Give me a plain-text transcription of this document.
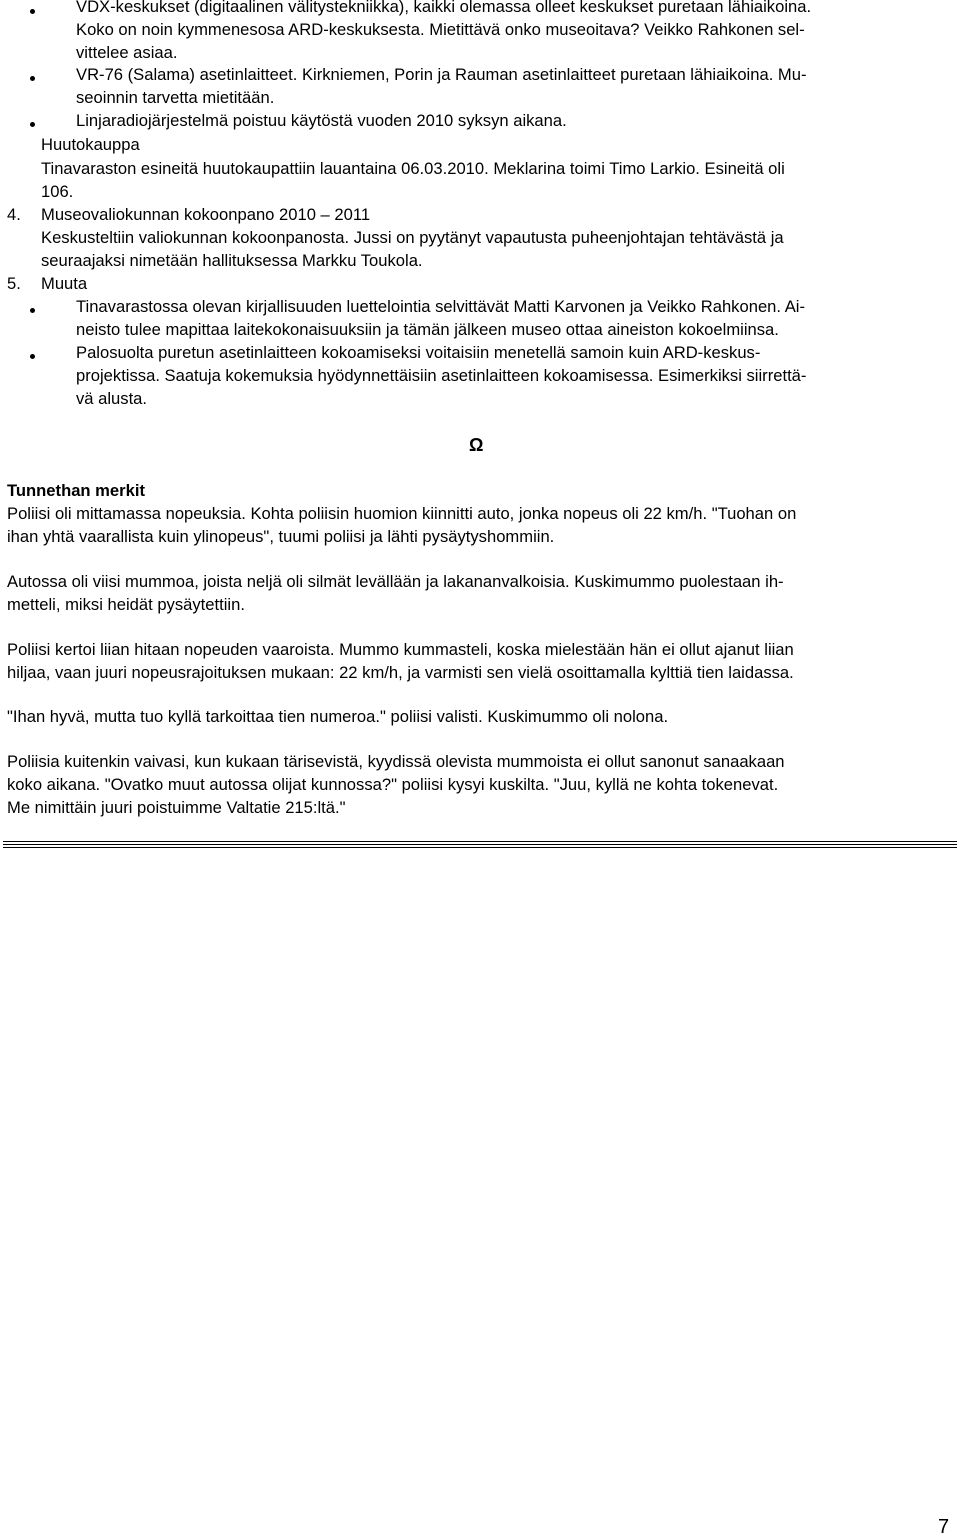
VDX-keskukset (digitaalinen välitystekniikka), kaikki olemassa olleet keskukset puretaan lähiaikoina.
Koko on noin kymmenesosa ARD-keskuksesta. Mietittävä onko museoitava? Veikko Rahkonen sel-
vittelee asiaa.
VR-76 (Salama) asetinlaitteet. Kirkniemen, Porin ja Rauman asetinlaitteet puretaan lähiaikoina. Mu-
seoinnin tarvetta mietitään.
Linjaradiojärjestelmä poistuu käytöstä vuoden 2010 syksyn aikana.
Huutokauppa
Tinavaraston esineitä huutokaupattiin lauantaina 06.03.2010. Meklarina toimi Timo Larkio. Esineitä oli
106.
4. Museovaliokunnan kokoonpano 2010 – 2011
Keskusteltiin valiokunnan kokoonpanosta. Jussi on pyytänyt vapautusta puheenjohtajan tehtävästä ja
seuraajaksi nimetään hallituksessa Markku Toukola.
5. Muuta
Tinavarastossa olevan kirjallisuuden luettelointia selvittävät Matti Karvonen ja Veikko Rahkonen. Ai-
neisto tulee mapittaa laitekokonaisuuksiin ja tämän jälkeen museo ottaa aineiston kokoelmiinsa.
Palosuolta puretun asetinlaitteen kokoamiseksi voitaisiin menetellä samoin kuin ARD-keskus-
projektissa. Saatuja kokemuksia hyödynnettäisiin asetinlaitteen kokoamisessa. Esimerkiksi siirrettä-
vä alusta.
Ω
Tunnethan merkit
Poliisi oli mittamassa nopeuksia. Kohta poliisin huomion kiinnitti auto, jonka nopeus oli 22 km/h. "Tuohan on
ihan yhtä vaarallista kuin ylinopeus", tuumi poliisi ja lähti pysäytyshommiin.
Autossa oli viisi mummoa, joista neljä oli silmät levällään ja lakananvalkoisia. Kuskimummo puolestaan ih-
metteli, miksi heidät pysäytettiin.
Poliisi kertoi liian hitaan nopeuden vaaroista. Mummo kummasteli, koska mielestään hän ei ollut ajanut liian
hiljaa, vaan juuri nopeusrajoituksen mukaan: 22 km/h, ja varmisti sen vielä osoittamalla kylttiä tien laidassa.
"Ihan hyvä, mutta tuo kyllä tarkoittaa tien numeroa." poliisi valisti. Kuskimummo oli nolona.
Poliisia kuitenkin vaivasi, kun kukaan tärisevistä, kyydissä olevista mummoista ei ollut sanonut sanaakaan
koko aikana. "Ovatko muut autossa olijat kunnossa?" poliisi kysyi kuskilta. "Juu, kyllä ne kohta tokenevat.
Me nimittäin juuri poistuimme Valtatie 215:ltä."
7
